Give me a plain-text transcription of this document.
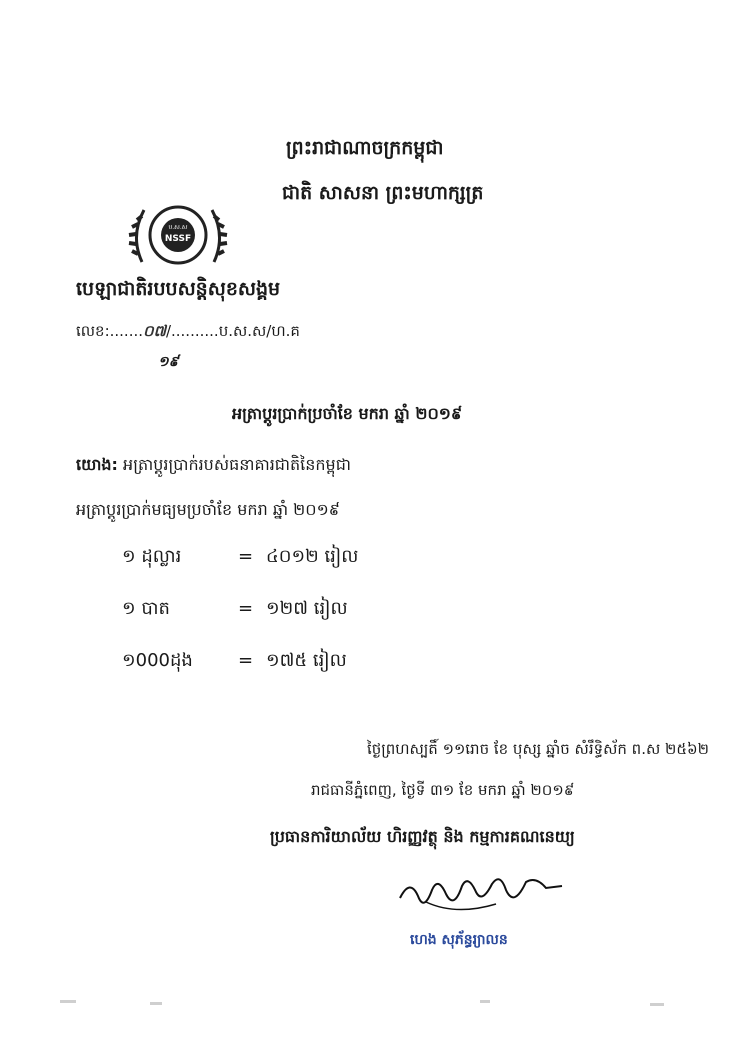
ព្រះរាជាណាចក្រកម្ពុជា
ជាតិ សាសនា ព្រះមហាក្សត្រ
ប.ស.ស
NSSF
បេឡាជាតិរបបសន្តិសុខសង្គម
លេខ:.......០៧/..........ប.ស.ស/ហ.គ
១៩
អត្រាប្តូរប្រាក់ប្រចាំខែ មករា ឆ្នាំ ២០១៩
យោង: អត្រាប្តូរប្រាក់របស់ធនាគារជាតិនៃកម្ពុជា
អត្រាប្តូរប្រាក់មធ្យមប្រចាំខែ មករា ឆ្នាំ ២០១៩
១ ដុល្លារ	= ៤០១២ រៀល
១ បាត	= ១២៧ រៀល
១000ដុង	= ១៧៥ រៀល
ថ្ងៃព្រហស្បតិ៍ ១១រោច ខែ បុស្ស ឆ្នាំច សំរឹទ្ធិស័ក ព.ស ២៥៦២
រាជធានីភ្នំពេញ, ថ្ងៃទី ៣១ ខែ មករា ឆ្នាំ ២០១៩
ប្រធានការិយាល័យ ហិរញ្ញវត្ថុ និង កម្មការគណនេយ្យ
ហេង សុភ័ន្ធរ្យាលន
